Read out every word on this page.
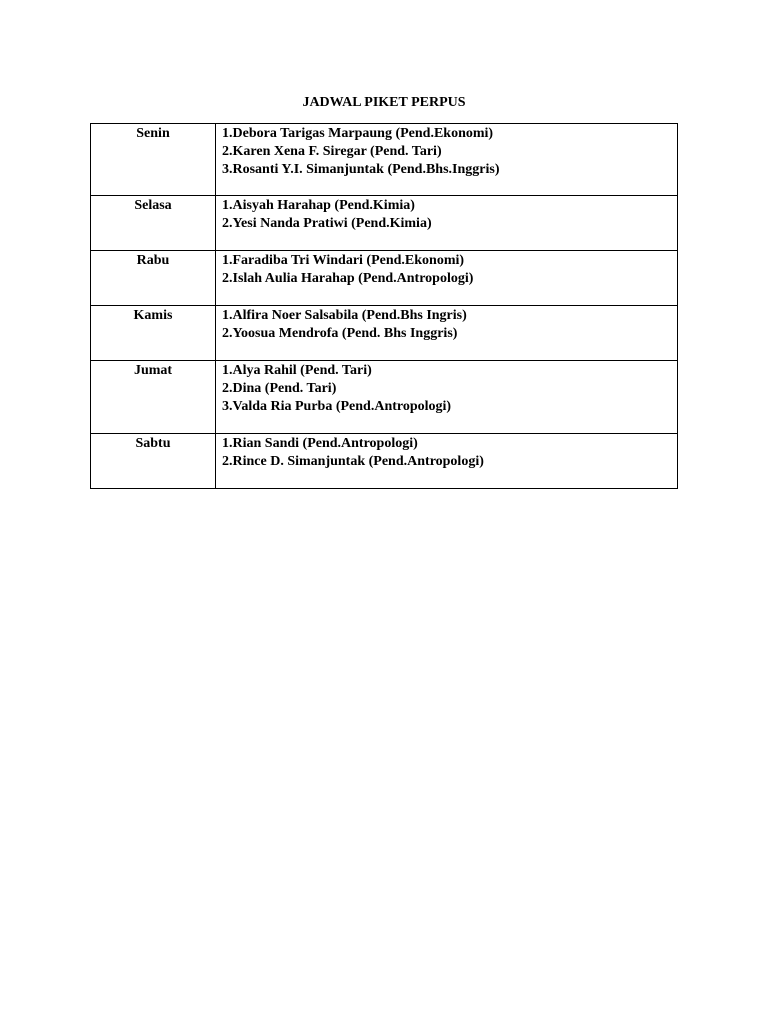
JADWAL PIKET PERPUS
Senin	1.Debora Tarigas Marpaung (Pend.Ekonomi)
2.Karen Xena F. Siregar (Pend. Tari)
3.Rosanti Y.I. Simanjuntak (Pend.Bhs.Inggris)

Selasa	1.Aisyah Harahap (Pend.Kimia)
2.Yesi Nanda Pratiwi (Pend.Kimia)

Rabu	1.Faradiba Tri Windari (Pend.Ekonomi)
2.Islah Aulia Harahap (Pend.Antropologi)

Kamis	1.Alfira Noer Salsabila (Pend.Bhs Ingris)
2.Yoosua Mendrofa (Pend. Bhs Inggris)

Jumat	1.Alya Rahil (Pend. Tari)
2.Dina (Pend. Tari)
3.Valda Ria Purba (Pend.Antropologi)

Sabtu	1.Rian Sandi (Pend.Antropologi)
2.Rince D. Simanjuntak (Pend.Antropologi)
